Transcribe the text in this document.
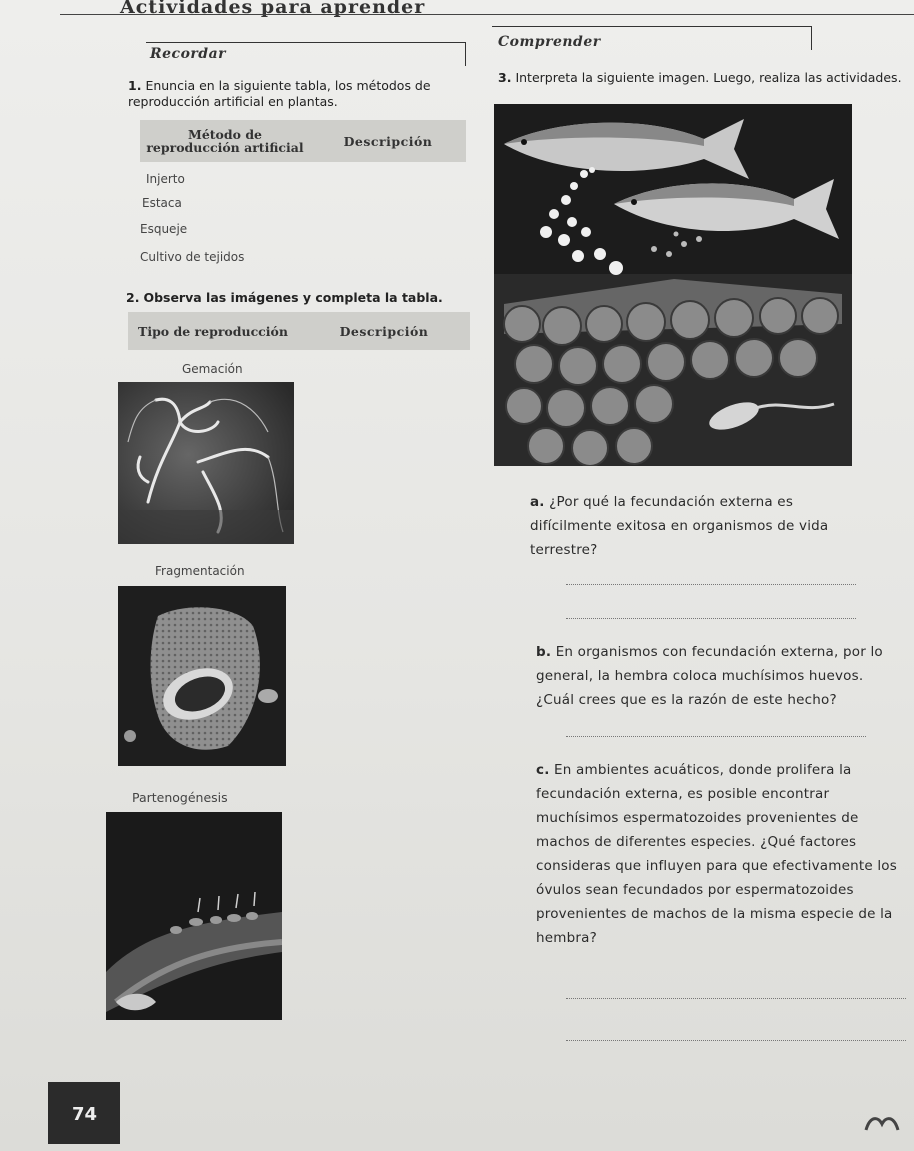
Actividades para aprender
Recordar
1. Enuncia en la siguiente tabla, los métodos de reproducción artificial en plantas.
Método de reproducción artificial	Descripción
Injerto
Estaca
Esqueje
Cultivo de tejidos
2. Observa las imágenes y completa la tabla.
Tipo de reproducción	Descripción
Gemación
Fragmentación
Partenogénesis
Comprender
3. Interpreta la siguiente imagen. Luego, realiza las actividades.
a. ¿Por qué la fecundación externa es difícilmente exitosa en organismos de vida terrestre?
b. En organismos con fecundación externa, por lo general, la hembra coloca muchísimos huevos. ¿Cuál crees que es la razón de este hecho?
c. En ambientes acuáticos, donde prolifera la fecundación externa, es posible encontrar muchísimos espermatozoides provenientes de machos de diferentes especies. ¿Qué factores consideras que influyen para que efectivamente los óvulos sean fecundados por espermatozoides provenientes de machos de la misma especie de la hembra?
74
